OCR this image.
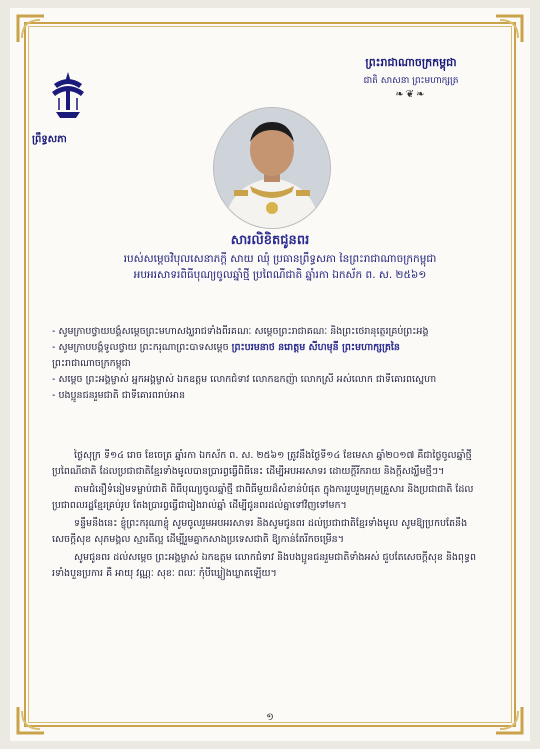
ព្រឹទ្ធសភា
ព្រះរាជាណាចក្រកម្ពុជា
ជាតិ សាសនា ព្រះមហាក្សត្រ
❧❦❧
សារលិខិតជូនពរ
របស់សម្ដេចវិបុលសេនាភក្ដី សាយ ឈុំ ប្រធានព្រឹទ្ធសភា នៃព្រះរាជាណាចក្រកម្ពុជា
អបអរសាទរពិធីបុណ្យចូលឆ្នាំថ្មី ប្រពៃណីជាតិ ឆ្នាំរកា ឯកស័ក ព. ស. ២៥៦១
- សូមក្រាបថ្វាយបង្គំសម្ដេចព្រះមហាសង្ឃរាជទាំងពីរគណៈ សម្ដេចព្រះរាជាគណៈ និងព្រះថេរានុត្ថេរគ្រប់ព្រះអង្គ
- សូមក្រាបបង្គំទូលថ្វាយ ព្រះករុណាព្រះបាទសម្ដេច ព្រះបរមនាថ នរោត្តម សីហមុនី ព្រះមហាក្សត្រនៃ
ព្រះរាជាណាចក្រកម្ពុជា
- សម្ដេច ព្រះអង្គម្ចាស់ អ្នកអង្គម្ចាស់ ឯកឧត្ដម លោកជំទាវ លោកឧកញ៉ា លោកស្រី អស់លោក ជាទីគោរពស្នេហា
- បងប្អូនជនរួមជាតិ ជាទីគោរពរាប់អាន

ថ្ងៃសុក្រ ទី១៤ រោច ខែចេត្រ ឆ្នាំរកា ឯកស័ក ព. ស. ២៥៦១ ត្រូវនឹងថ្ងៃទី១៤ ខែមេសា ឆ្នាំ២០១៧ គឺជាថ្ងៃចូលឆ្នាំថ្មី ប្រពៃណីជាតិ ដែលប្រជាជាតិខ្មែរទាំងមូលបានប្រារព្ធធ្វើពិធីនេះ ដើម្បីអបអរសាទរ ដោយក្ដីរីករាយ និងក្ដីសង្ឃឹមថ្មីៗ។

តាមជំនឿទំនៀមទម្លាប់ជាតិ ពិធីបុណ្យចូលឆ្នាំថ្មី ជាពិធីមួយដ៏សំខាន់បំផុត ក្នុងការរួបរួមក្រុមគ្រួសារ និងប្រជាជាតិ ដែលប្រជាពលរដ្ឋខ្មែរគ្រប់រូប តែងប្រារព្ធធ្វើជារៀងរាល់ឆ្នាំ ដើម្បីជូនពរដល់គ្នាទៅវិញទៅមក។

ទន្ទឹមនឹងនេះ ខ្ញុំព្រះករុណាខ្ញុំ សូមចូលរួមអបអរសាទរ និងសូមជូនពរ ដល់ប្រជាជាតិខ្មែរទាំងមូល សូមឱ្យប្រកបតែនឹងសេចក្ដីសុខ សុភមង្គល ស្មារតីល្អ ដើម្បីរួមគ្នាកសាងប្រទេសជាតិ ឱ្យកាន់តែរីកចម្រើន។

សូមជូនពរ ដល់សម្ដេច ព្រះអង្គម្ចាស់ ឯកឧត្ដម លោកជំទាវ និងបងប្អូនជនរួមជាតិទាំងអស់ ជួបតែសេចក្ដីសុខ និងពុទ្ធពរទាំងបួនប្រការ គឺ អាយុ វណ្ណៈ សុខៈ ពលៈ កុំបីឃ្លៀងឃ្លាតឡើយ។

១
